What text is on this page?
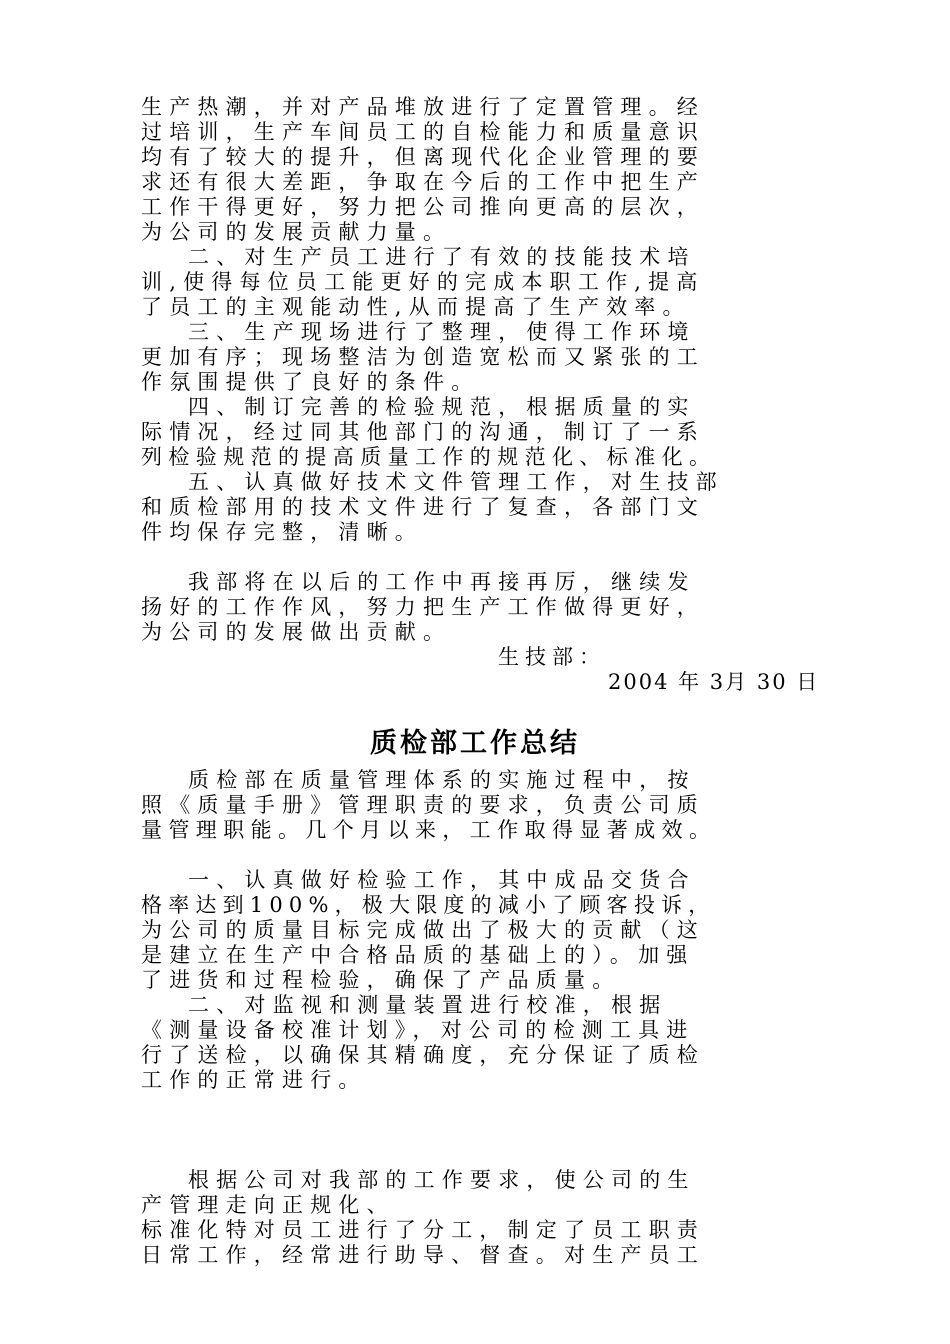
生产热潮，并对产品堆放进行了定置管理。经
过培训，生产车间员工的自检能力和质量意识
均有了较大的提升，但离现代化企业管理的要
求还有很大差距，争取在今后的工作中把生产
工作干得更好，努力把公司推向更高的层次，
为公司的发展贡献力量。
二、对生产员工进行了有效的技能技术培
训,使得每位员工能更好的完成本职工作,提高
了员工的主观能动性,从而提高了生产效率。
三、生产现场进行了整理，使得工作环境
更加有序；现场整洁为创造宽松而又紧张的工
作氛围提供了良好的条件。
四、制订完善的检验规范，根据质量的实
际情况，经过同其他部门的沟通，制订了一系
列检验规范的提高质量工作的规范化、标准化。
五、认真做好技术文件管理工作，对生技部
和质检部用的技术文件进行了复查，各部门文
件均保存完整，清晰。
我部将在以后的工作中再接再厉，继续发
扬好的工作作风，努力把生产工作做得更好，
为公司的发展做出贡献。
生技部：
2004 年 3月 30 日
质检部工作总结
质检部在质量管理体系的实施过程中，按
照《质量手册》管理职责的要求，负责公司质
量管理职能。几个月以来，工作取得显著成效。
一、认真做好检验工作，其中成品交货合
格率达到100%，极大限度的减小了顾客投诉，
为公司的质量目标完成做出了极大的贡献（这
是建立在生产中合格品质的基础上的）。加强
了进货和过程检验，确保了产品质量。
二、对监视和测量装置进行校准，根据
《测量设备校准计划》，对公司的检测工具进
行了送检，以确保其精确度，充分保证了质检
工作的正常进行。
根据公司对我部的工作要求，使公司的生
产管理走向正规化、
标准化特对员工进行了分工，制定了员工职责
日常工作，经常进行助导、督查。对生产员工
